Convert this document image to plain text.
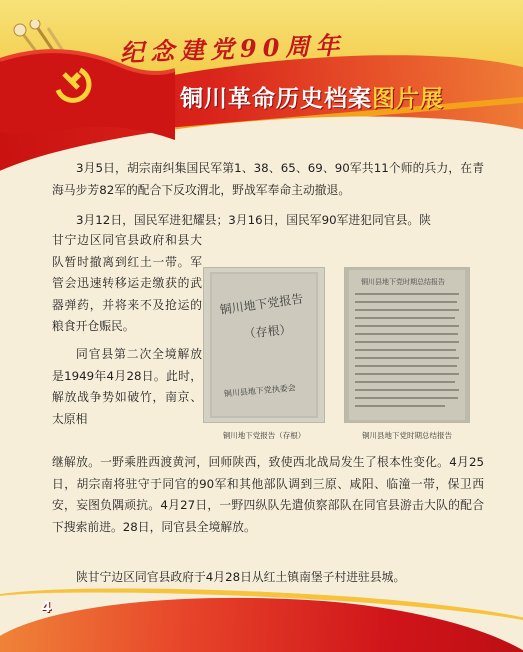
纪念建党90周年
铜川革命历史档案图片展
3月5日，胡宗南纠集国民军第1、38、65、69、90军共11个师的兵力，在青海马步芳82军的配合下反攻渭北，野战军奉命主动撤退。
3月12日，国民军进犯耀县；3月16日，国民军90军进犯同官县。陕
甘宁边区同官县政府和县大队暂时撤离到红土一带。军管会迅速转移运走缴获的武器弹药，并将来不及抢运的粮食开仓赈民。
同官县第二次全境解放是1949年4月28日。此时，解放战争势如破竹，南京、太原相
继解放。一野乘胜西渡黄河，回师陕西，致使西北战局发生了根本性变化。4月25日，胡宗南将驻守于同官的90军和其他部队调到三原、咸阳、临潼一带，保卫西安，妄图负隅顽抗。4月27日，一野四纵队先遣侦察部队在同官县游击大队的配合下搜索前进。28日，同官县全境解放。
陕甘宁边区同官县政府于4月28日从红土镇南堡子村进驻县城。
铜川地下党报告
（存根）
铜川县地下党执委会
铜川县地下党时期总结报告
铜川地下党报告（存根）	铜川县地下党时期总结报告
4
